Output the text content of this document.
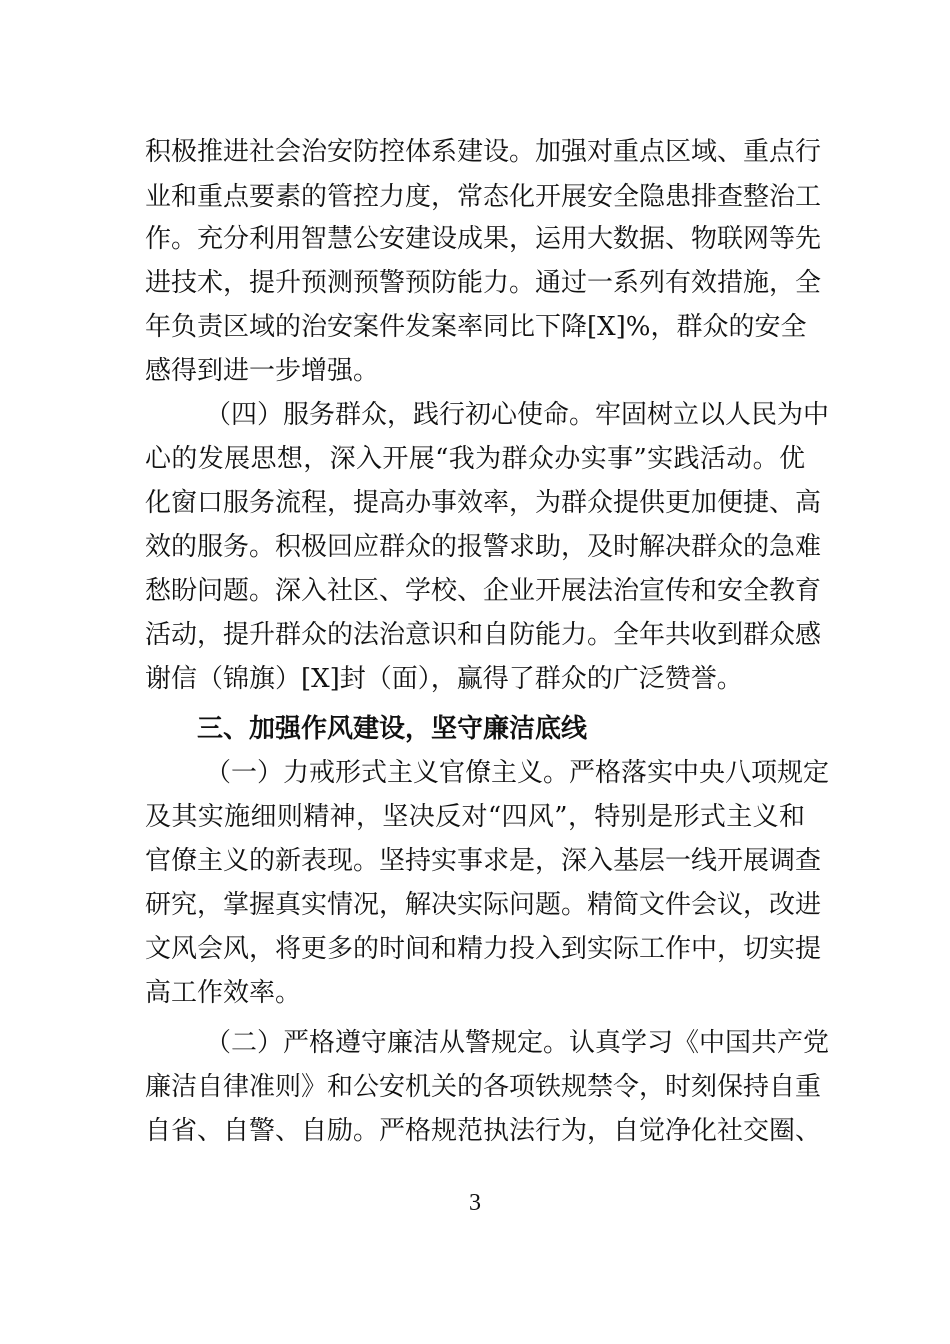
积极推进社会治安防控体系建设。加强对重点区域、重点行
业和重点要素的管控力度，常态化开展安全隐患排查整治工
作。充分利用智慧公安建设成果，运用大数据、物联网等先
进技术，提升预测预警预防能力。通过一系列有效措施，全
年负责区域的治安案件发案率同比下降[X]%，群众的安全
感得到进一步增强。
（四）服务群众，践行初心使命。牢固树立以人民为中
心的发展思想，深入开展“我为群众办实事”实践活动。优
化窗口服务流程，提高办事效率，为群众提供更加便捷、高
效的服务。积极回应群众的报警求助，及时解决群众的急难
愁盼问题。深入社区、学校、企业开展法治宣传和安全教育
活动，提升群众的法治意识和自防能力。全年共收到群众感
谢信（锦旗）[X]封（面），赢得了群众的广泛赞誉。
三、加强作风建设，坚守廉洁底线
（一）力戒形式主义官僚主义。严格落实中央八项规定
及其实施细则精神，坚决反对“四风”，特别是形式主义和
官僚主义的新表现。坚持实事求是，深入基层一线开展调查
研究，掌握真实情况，解决实际问题。精简文件会议，改进
文风会风，将更多的时间和精力投入到实际工作中，切实提
高工作效率。
（二）严格遵守廉洁从警规定。认真学习《中国共产党
廉洁自律准则》和公安机关的各项铁规禁令，时刻保持自重
自省、自警、自励。严格规范执法行为，自觉净化社交圈、
3
